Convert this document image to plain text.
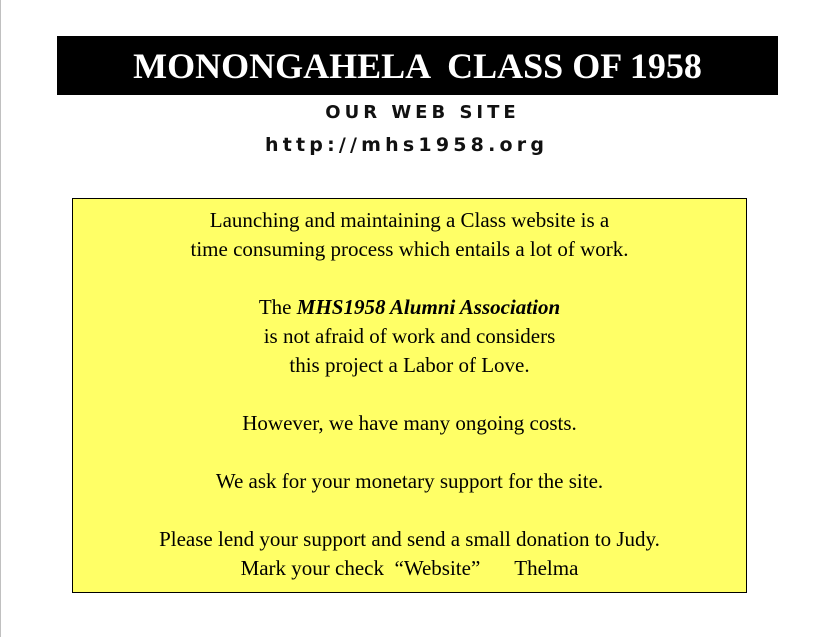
MONONGAHELA  CLASS OF 1958
OUR WEB SITE
http://mhs1958.org

Launching and maintaining a Class website is a

time consuming process which entails a lot of work.

The MHS1958 Alumni Association

is not afraid of work and considers

this project a Labor of Love.

However, we have many ongoing costs.

We ask for your monetary support for the site.

Please lend your support and send a small donation to Judy.

Mark your check  “Website” Thelma
